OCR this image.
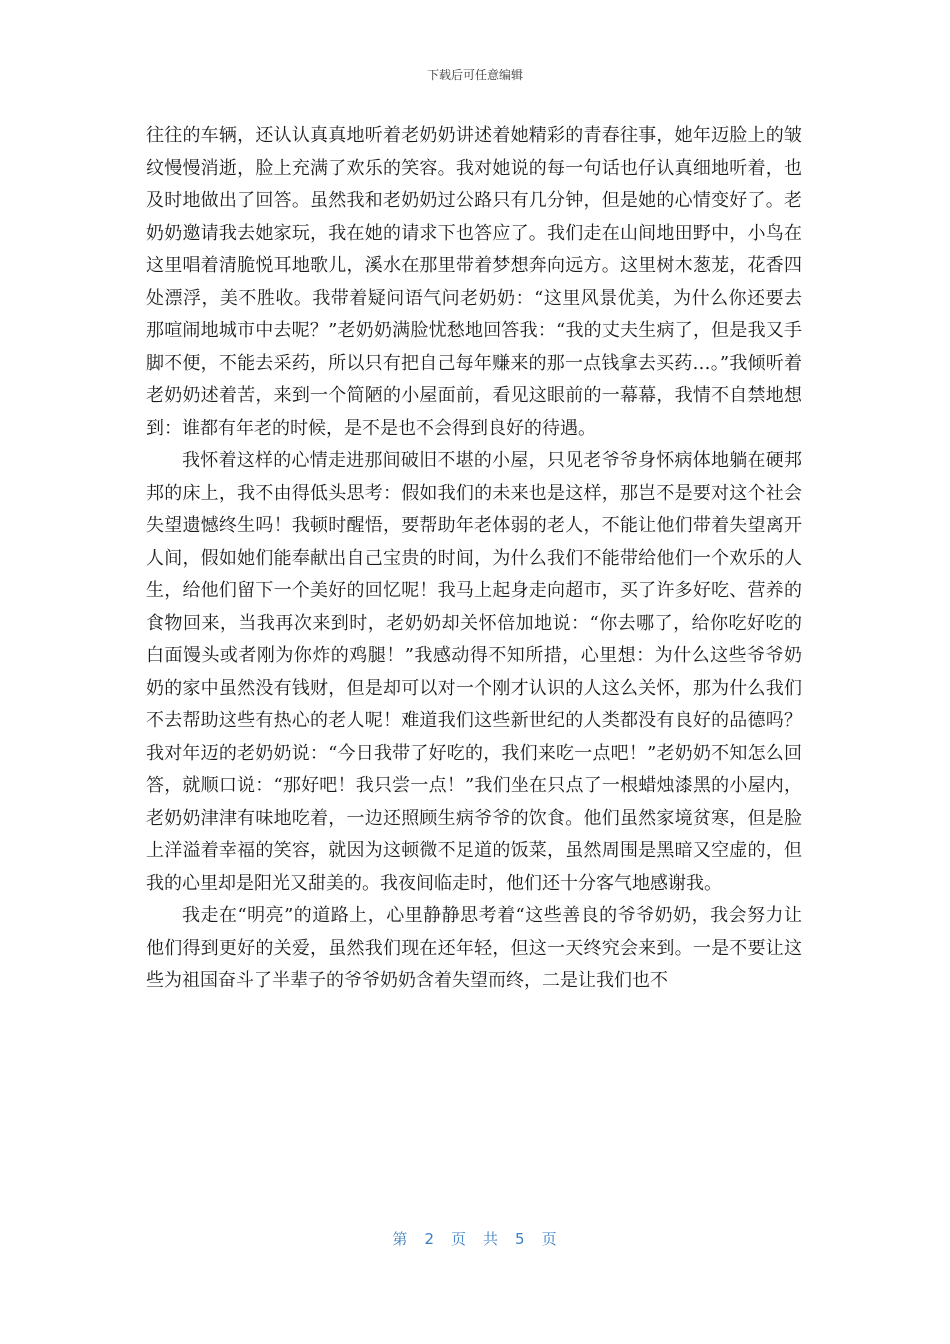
下载后可任意编辑

往往的车辆，还认认真真地听着老奶奶讲述着她精彩的青春往事，她年迈脸上的皱纹慢慢消逝，脸上充满了欢乐的笑容。我对她说的每一句话也仔认真细地听着，也及时地做出了回答。虽然我和老奶奶过公路只有几分钟，但是她的心情变好了。老奶奶邀请我去她家玩，我在她的请求下也答应了。我们走在山间地田野中，小鸟在这里唱着清脆悦耳地歌儿，溪水在那里带着梦想奔向远方。这里树木葱茏，花香四处漂浮，美不胜收。我带着疑问语气问老奶奶：“这里风景优美，为什么你还要去那喧闹地城市中去呢？”老奶奶满脸忧愁地回答我：“我的丈夫生病了，但是我又手脚不便，不能去采药，所以只有把自己每年赚来的那一点钱拿去买药…。”我倾听着老奶奶述着苦，来到一个简陋的小屋面前，看见这眼前的一幕幕，我情不自禁地想到：谁都有年老的时候，是不是也不会得到良好的待遇。

我怀着这样的心情走进那间破旧不堪的小屋，只见老爷爷身怀病体地躺在硬邦邦的床上，我不由得低头思考：假如我们的未来也是这样，那岂不是要对这个社会失望遗憾终生吗！我顿时醒悟，要帮助年老体弱的老人，不能让他们带着失望离开人间，假如她们能奉献出自己宝贵的时间，为什么我们不能带给他们一个欢乐的人生，给他们留下一个美好的回忆呢！我马上起身走向超市，买了许多好吃、营养的食物回来，当我再次来到时，老奶奶却关怀倍加地说：“你去哪了，给你吃好吃的白面馒头或者刚为你炸的鸡腿！”我感动得不知所措，心里想：为什么这些爷爷奶奶的家中虽然没有钱财，但是却可以对一个刚才认识的人这么关怀，那为什么我们不去帮助这些有热心的老人呢！难道我们这些新世纪的人类都没有良好的品德吗？我对年迈的老奶奶说：“今日我带了好吃的，我们来吃一点吧！”老奶奶不知怎么回答，就顺口说：“那好吧！我只尝一点！”我们坐在只点了一根蜡烛漆黑的小屋内，老奶奶津津有味地吃着，一边还照顾生病爷爷的饮食。他们虽然家境贫寒，但是脸上洋溢着幸福的笑容，就因为这顿微不足道的饭菜，虽然周围是黑暗又空虚的，但我的心里却是阳光又甜美的。我夜间临走时，他们还十分客气地感谢我。

我走在“明亮”的道路上，心里静静思考着“这些善良的爷爷奶奶，我会努力让他们得到更好的关爱，虽然我们现在还年轻，但这一天终究会来到。一是不要让这些为祖国奋斗了半辈子的爷爷奶奶含着失望而终，二是让我们也不

第 2 页 共 5 页
